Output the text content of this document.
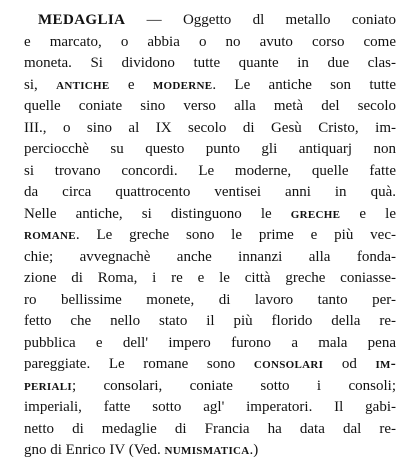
MEDAGLIA — Oggetto dl metallo coniato
e marcato, o abbia o no avuto corso come
moneta. Si dividono tutte quante in due clas-
si, antiche e moderne. Le antiche son tutte
quelle coniate sino verso alla metà del secolo
III., o sino al IX secolo di Gesù Cristo, im-
perciocchè su questo punto gli antiquarj non
si trovano concordi. Le moderne, quelle fatte
da circa quattrocento ventisei anni in quà.
Nelle antiche, si distinguono le greche e le
romane. Le greche sono le prime e più vec-
chie; avvegnachè anche innanzi alla fonda-
zione di Roma, i re e le città greche coniasse-
ro bellissime monete, di lavoro tanto per-
fetto che nello stato il più florido della re-
pubblica e dell' impero furono a mala pena
pareggiate. Le romane sono consolari od im-
periali; consolari, coniate sotto i consoli;
imperiali, fatte sotto agl' imperatori. Il gabi-
netto di medaglie di Francia ha data dal re-
gno di Enrico IV (Ved. numismatica.)
